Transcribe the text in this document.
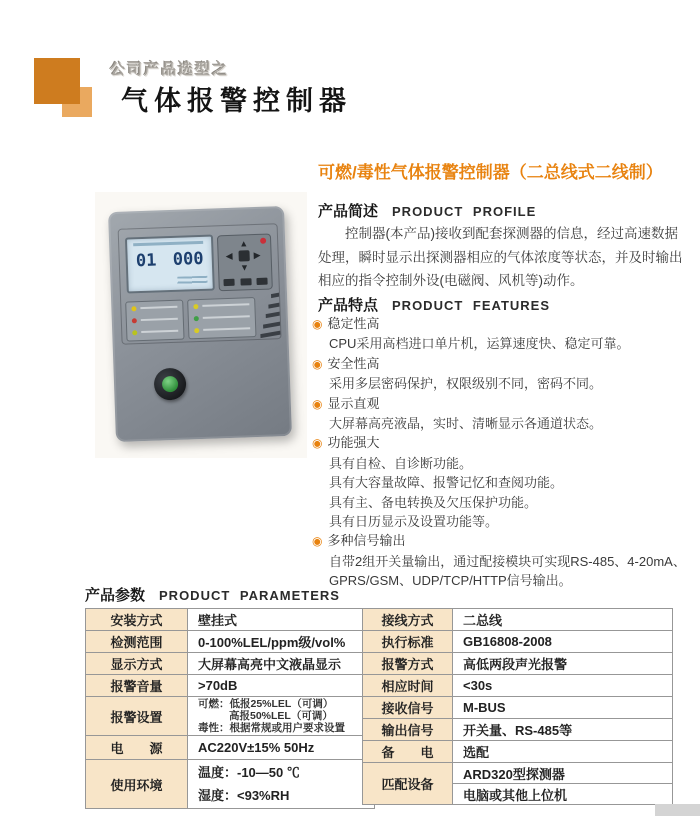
公司产品选型之
气体报警控制器
01 000
▲
▼
◀ ▶
可燃/毒性气体报警控制器（二总线式二线制）
产品简述 PRODUCT PROFILE
控制器(本产品)接收到配套探测器的信息，经过高速数据处理，瞬时显示出探测器相应的气体浓度等状态，并及时输出相应的指令控制外设(电磁阀、风机等)动作。
产品特点 PRODUCT FEATURES
◉ 稳定性高
CPU采用高档进口单片机，运算速度快、稳定可靠。
◉ 安全性高
采用多层密码保护，权限级别不同，密码不同。
◉ 显示直观
大屏幕高亮液晶，实时、清晰显示各通道状态。
◉ 功能强大
具有自检、自诊断功能。
具有大容量故障、报警记忆和查阅功能。
具有主、备电转换及欠压保护功能。
具有日历显示及设置功能等。
◉ 多种信号输出
自带2组开关量输出，通过配接模块可实现RS-485、4-20mA、
GPRS/GSM、UDP/TCP/HTTP信号输出。
产品参数 PRODUCT PARAMETERS
安装方式	壁挂式
检测范围	0-100%LEL/ppm级/vol%
显示方式	大屏幕高亮中文液晶显示
报警音量	>70dB
报警设置	可燃：低报25%LEL（可调）
高报50%LEL（可调）
毒性：根据常规或用户要求设置

电　　源	AC220V±15% 50Hz
使用环境	温度：-10—50 ℃
湿度：<93%RH
接线方式	二总线
执行标准	GB16808-2008
报警方式	高低两段声光报警
相应时间	<30s
接收信号	M-BUS
输出信号	开关量、RS-485等
备　　电	选配
匹配设备	ARD320型探测器
	电脑或其他上位机
